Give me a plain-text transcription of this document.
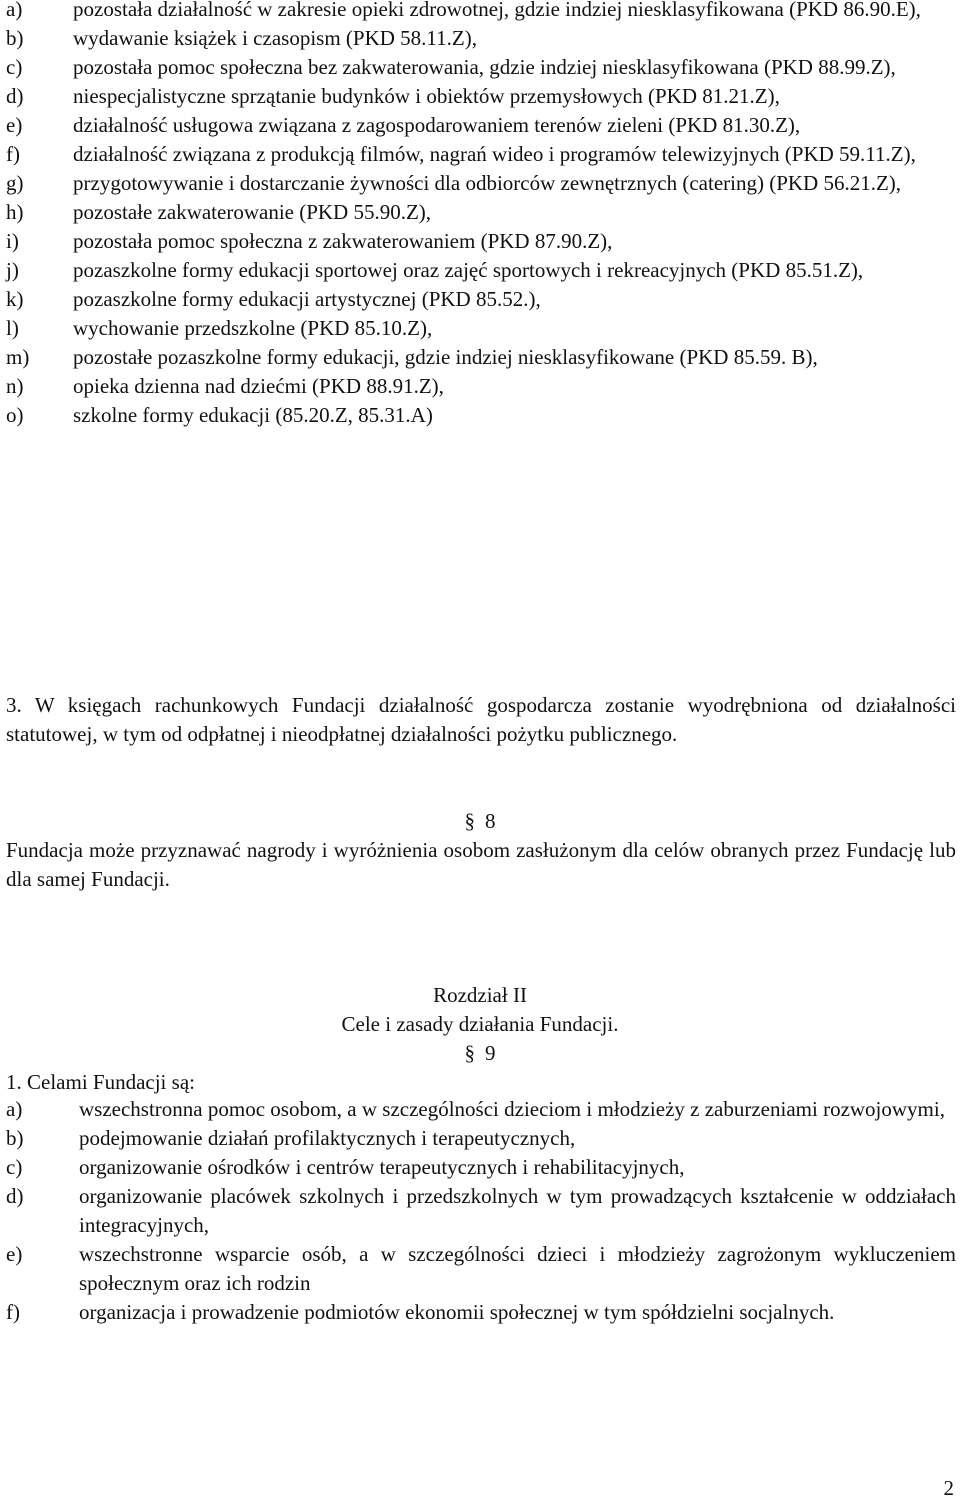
a) pozostała działalność w zakresie opieki zdrowotnej, gdzie indziej niesklasyfikowana (PKD 86.90.E),
b) wydawanie książek i czasopism (PKD 58.11.Z),
c) pozostała pomoc społeczna bez zakwaterowania, gdzie indziej niesklasyfikowana (PKD 88.99.Z),
d) niespecjalistyczne sprzątanie budynków i obiektów przemysłowych (PKD 81.21.Z),
e) działalność usługowa związana z zagospodarowaniem terenów zieleni (PKD 81.30.Z),
f)	działalność związana z produkcją filmów, nagrań wideo i programów telewizyjnych (PKD 59.11.Z),
g) przygotowywanie i dostarczanie żywności dla odbiorców zewnętrznych (catering) (PKD 56.21.Z),
h) pozostałe zakwaterowanie (PKD 55.90.Z),
i)	pozostała pomoc społeczna z zakwaterowaniem (PKD 87.90.Z),
j)	pozaszkolne formy edukacji sportowej oraz zajęć sportowych i rekreacyjnych (PKD 85.51.Z),
k) pozaszkolne formy edukacji artystycznej (PKD 85.52.),
l)	wychowanie przedszkolne (PKD 85.10.Z),
m) pozostałe pozaszkolne formy edukacji, gdzie indziej niesklasyfikowane (PKD 85.59. B),
n) opieka dzienna nad dziećmi (PKD 88.91.Z),
o) szkolne formy edukacji (85.20.Z, 85.31.A)
3. W księgach rachunkowych Fundacji działalność gospodarcza zostanie wyodrębniona od działalności statutowej, w tym od odpłatnej i nieodpłatnej działalności pożytku publicznego.
§ 8
Fundacja może przyznawać nagrody i wyróżnienia osobom zasłużonym dla celów obranych przez Fundację lub dla samej Fundacji.
Rozdział II
Cele i zasady działania Fundacji.
§ 9
1. Celami Fundacji są:
a)	wszechstronna pomoc osobom, a w szczególności dzieciom i młodzieży z zaburzeniami rozwojowymi,
b)	podejmowanie działań profilaktycznych i terapeutycznych,
c)	organizowanie ośrodków i centrów terapeutycznych i rehabilitacyjnych,
d)	organizowanie placówek szkolnych i przedszkolnych w tym prowadzących kształcenie w oddziałach integracyjnych,
e)	wszechstronne wsparcie osób, a w szczególności dzieci i młodzieży zagrożonym wykluczeniem społecznym oraz ich rodzin
f)	organizacja i prowadzenie podmiotów ekonomii społecznej w tym spółdzielni socjalnych.
2
